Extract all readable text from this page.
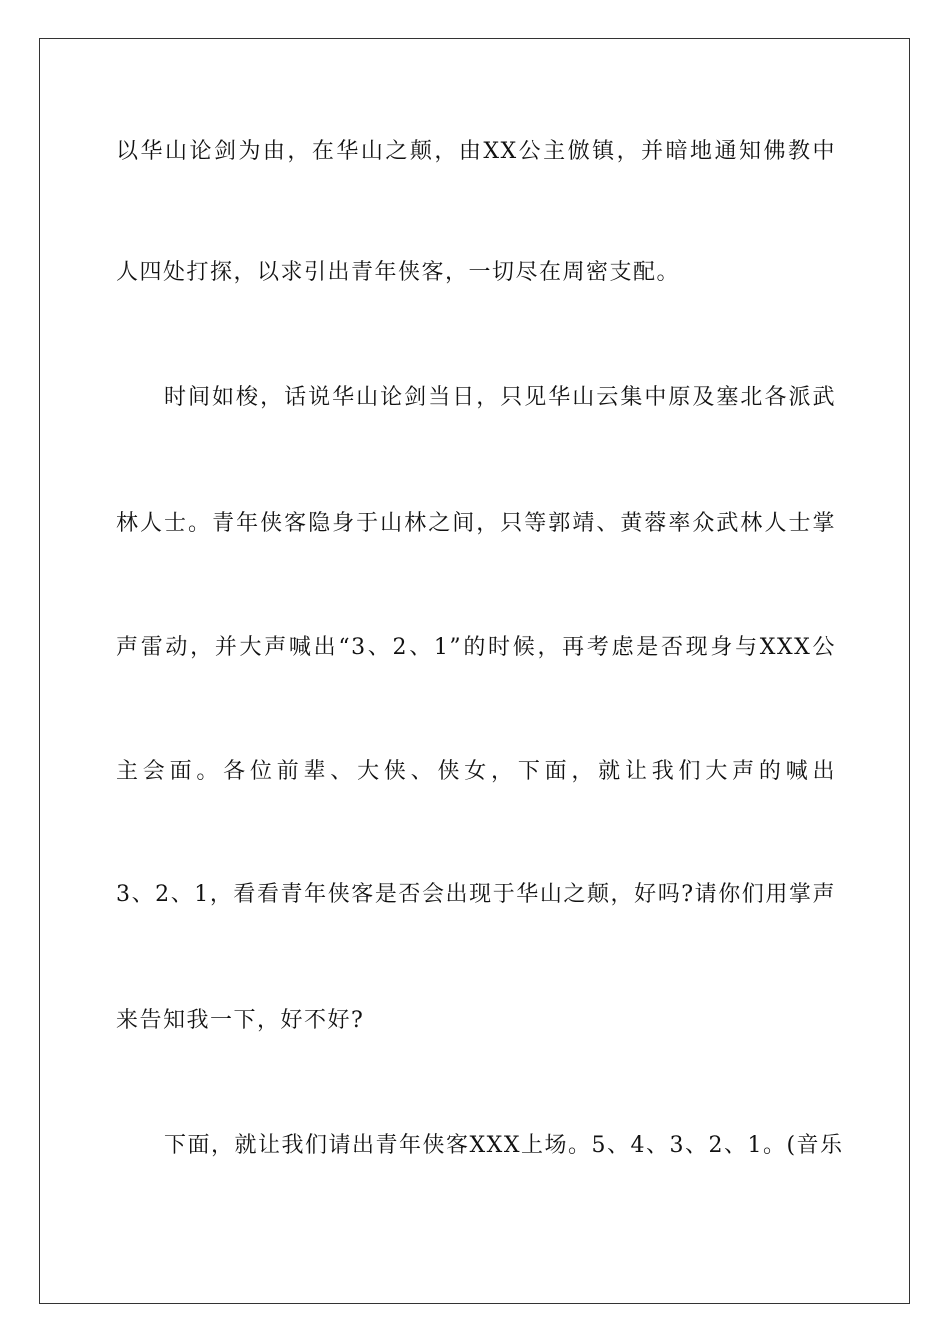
以华山论剑为由，在华山之颠，由XX公主倣镇，并暗地通知佛教中
人四处打探，以求引出青年侠客，一切尽在周密支配。
时间如梭，话说华山论剑当日，只见华山云集中原及塞北各派武
林人士。青年侠客隐身于山林之间，只等郭靖、黄蓉率众武林人士掌
声雷动，并大声喊出“3、2、1”的时候，再考虑是否现身与XXX公
主会面。各位前辈、大侠、侠女，下面，就让我们大声的喊出
3、2、1，看看青年侠客是否会出现于华山之颠，好吗?请你们用掌声
来告知我一下，好不好?
下面，就让我们请出青年侠客XXX上场。5、4、3、2、1。(音乐
